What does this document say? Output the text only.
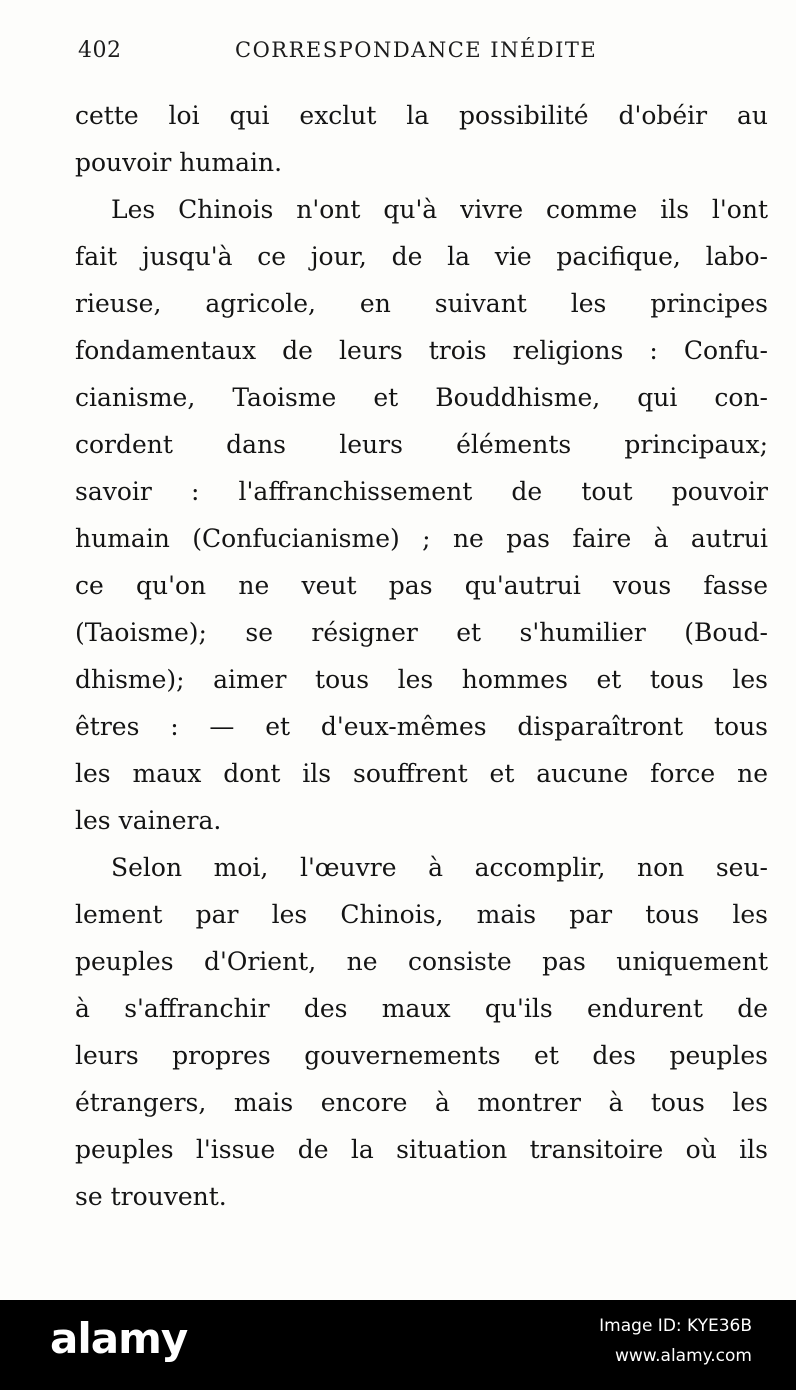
402	CORRESPONDANCE INÉDITE
cette loi qui exclut la possibilité d'obéir au
pouvoir humain.
Les Chinois n'ont qu'à vivre comme ils l'ont
fait jusqu'à ce jour, de la vie pacifique, labo-
rieuse, agricole, en suivant les principes
fondamentaux de leurs trois religions : Confu-
cianisme, Taoisme et Bouddhisme, qui con-
cordent dans leurs éléments principaux;
savoir : l'affranchissement de tout pouvoir
humain (Confucianisme) ; ne pas faire à autrui
ce qu'on ne veut pas qu'autrui vous fasse
(Taoisme); se résigner et s'humilier (Boud-
dhisme); aimer tous les hommes et tous les
êtres : — et d'eux-mêmes disparaîtront tous
les maux dont ils souffrent et aucune force ne
les vainera.
Selon moi, l'œuvre à accomplir, non seu-
lement par les Chinois, mais par tous les
peuples d'Orient, ne consiste pas uniquement
à s'affranchir des maux qu'ils endurent de
leurs propres gouvernements et des peuples
étrangers, mais encore à montrer à tous les
peuples l'issue de la situation transitoire où ils
se trouvent.
alamy	Image ID: KYE36B
www.alamy.com
